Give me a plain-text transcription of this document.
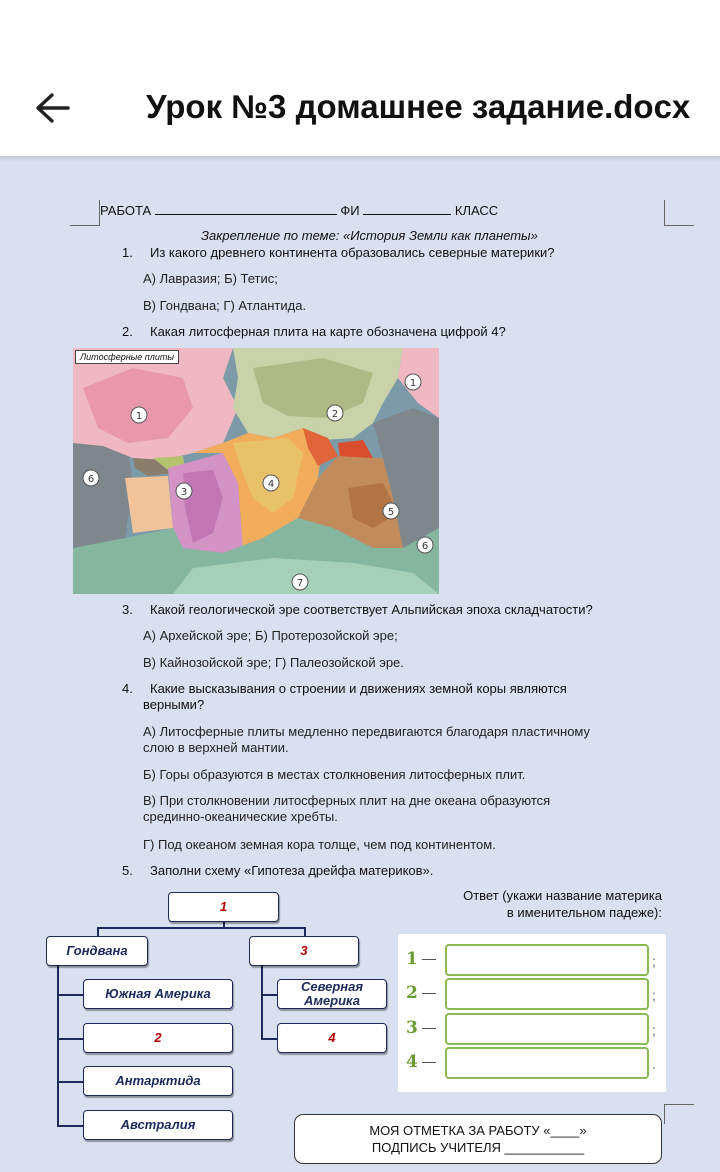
Урок №3 домашнее задание.docx
РАБОТА	ФИ	КЛАСС
Закрепление по теме: «История Земли как планеты»
1. Из какого древнего континента образовались северные материки?
А) Лавразия; Б) Тетис;
В) Гондвана; Г) Атлантида.
2. Какая литосферная плита на карте обозначена цифрой 4?
1	2
1
6
3
4
5
6
7
Литосферные плиты
3. Какой геологической эре соответствует Альпийская эпоха складчатости?
А) Архейской эре; Б) Протерозойской эре;
В) Кайнозойской эре; Г) Палеозойской эре.
4. Какие высказывания о строении и движениях земной коры являются
верными?
А) Литосферные плиты медленно передвигаются благодаря пластичному
слою в верхней мантии.
Б) Горы образуются в местах столкновения литосферных плит.
В) При столкновении литосферных плит на дне океана образуются
срединно-океанические хребты.
Г) Под океаном земная кора толще, чем под континентом.
5. Заполни схему «Гипотеза дрейфа материков».
1
Гондвана	3
Южная Америка
2
Антарктида
Австралия
Северная Америка
4
Ответ (укажи название материка
в именительном падеже):
1	;
2	;
3	;
4	.
МОЯ ОТМЕТКА ЗА РАБОТУ «____»
ПОДПИСЬ УЧИТЕЛЯ ___________
